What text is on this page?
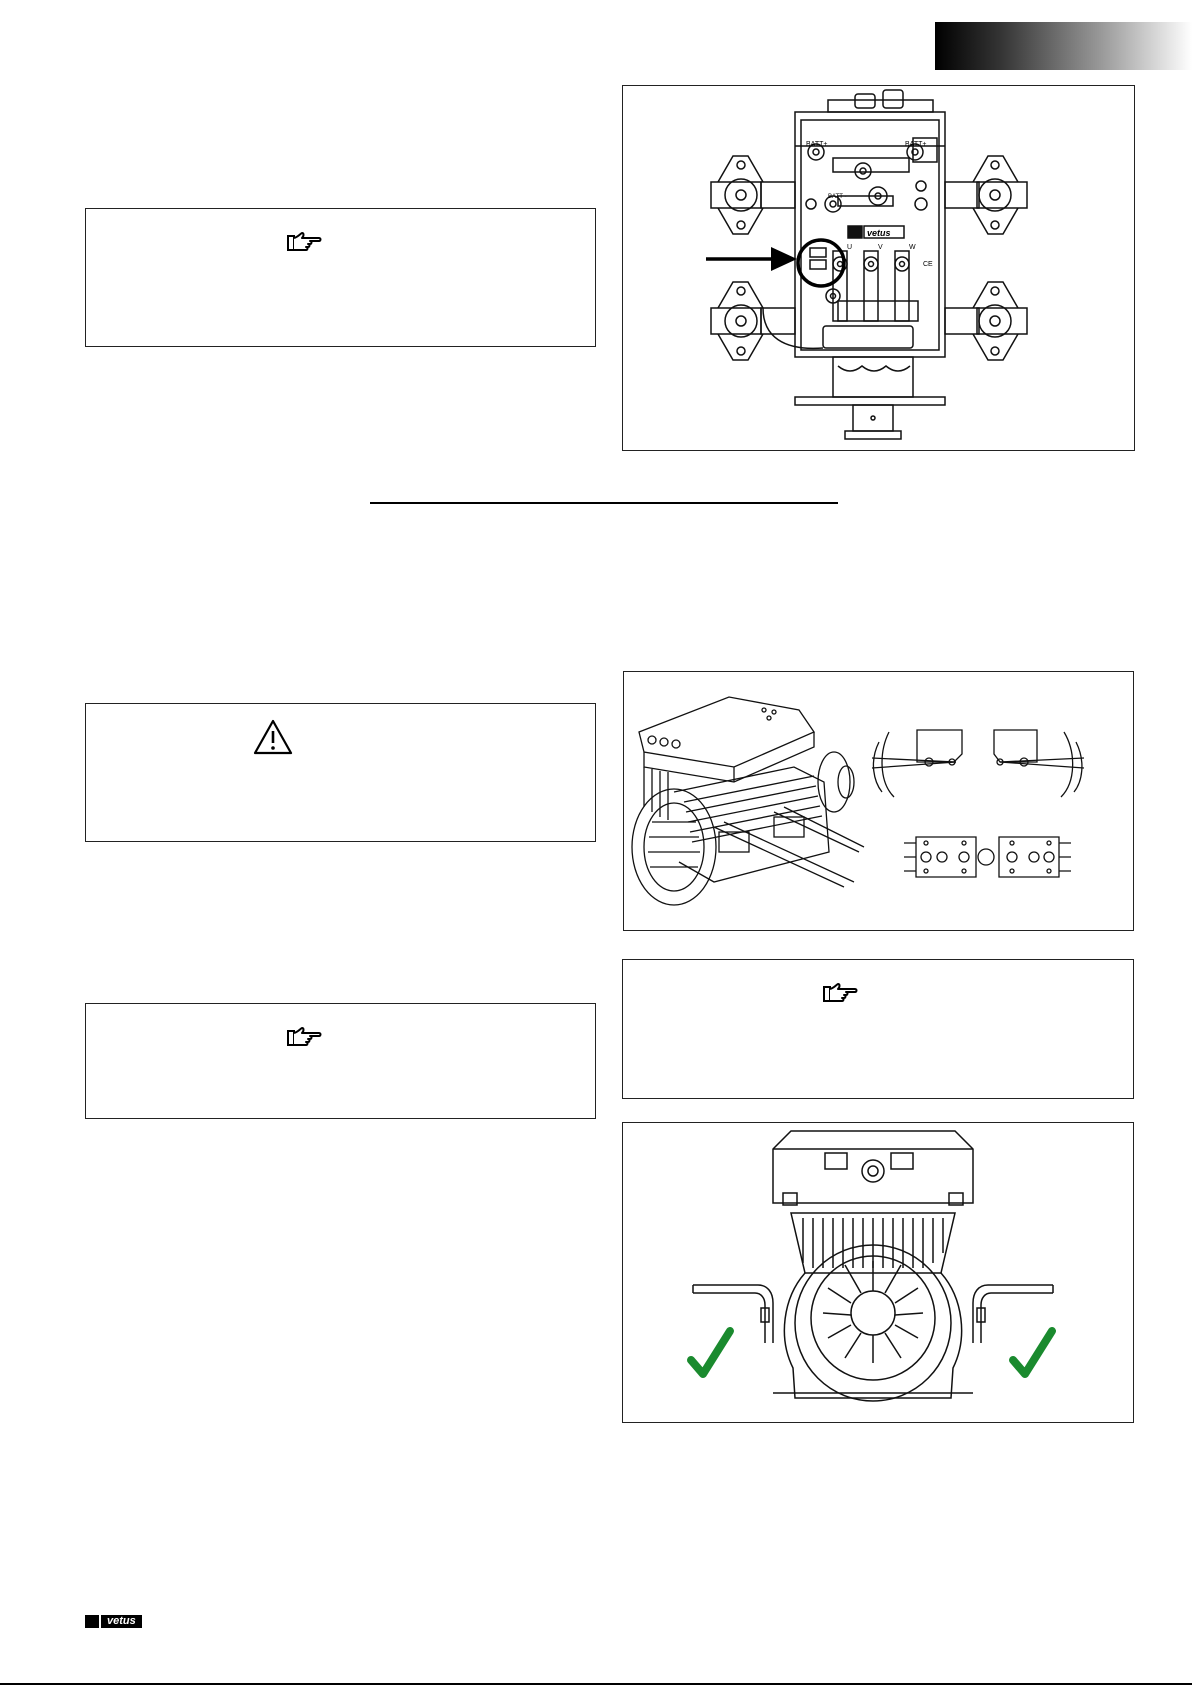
BATT+	BATT+
BATT -
U	V	W
CE
vetus
vetus
